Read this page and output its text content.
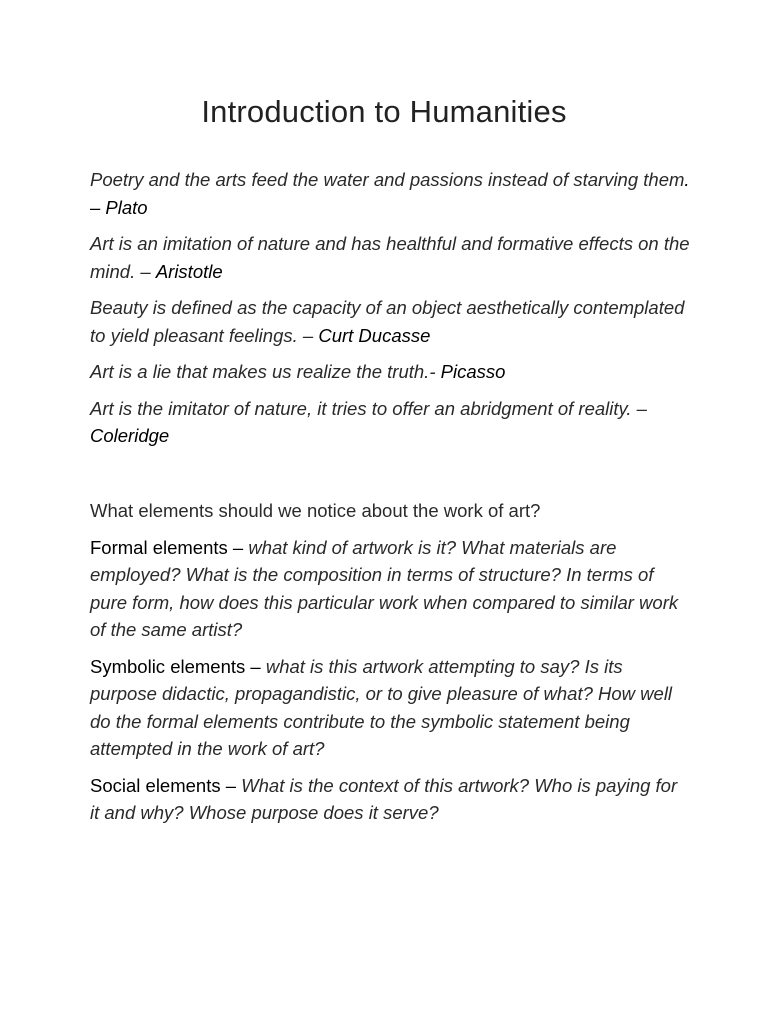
Introduction to Humanities

Poetry and the arts feed the water and passions instead of starving them. – Plato

Art is an imitation of nature and has healthful and formative effects on the mind. – Aristotle

Beauty is defined as the capacity of an object aesthetically contemplated to yield pleasant feelings. – Curt Ducasse

Art is a lie that makes us realize the truth.- Picasso

Art is the imitator of nature, it tries to offer an abridgment of reality. – Coleridge

What elements should we notice about the work of art?

Formal elements – what kind of artwork is it? What materials are employed? What is the composition in terms of structure? In terms of pure form, how does this particular work when compared to similar work of the same artist?

Symbolic elements – what is this artwork attempting to say? Is its purpose didactic, propagandistic, or to give pleasure of what? How well do the formal elements contribute to the symbolic statement being attempted in the work of art?

Social elements – What is the context of this artwork? Who is paying for it and why? Whose purpose does it serve?
